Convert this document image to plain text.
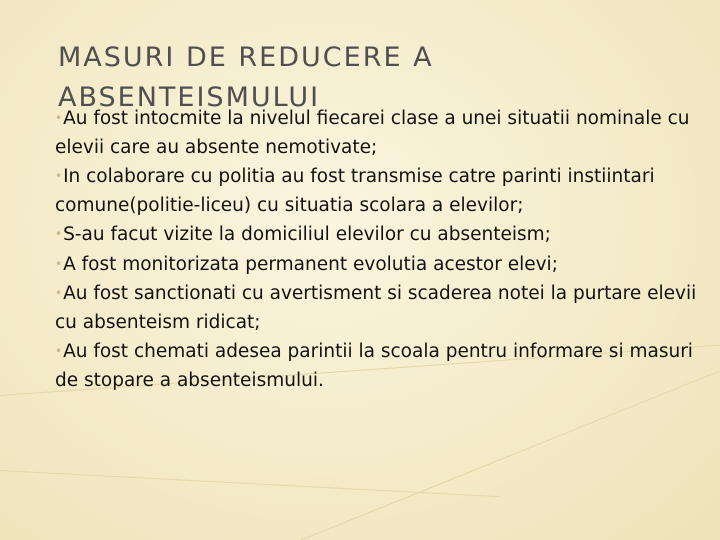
MASURI DE REDUCERE A ABSENTEISMULUI
•Au fost intocmite la nivelul fiecarei clase a unei situatii nominale cu elevii care au absente nemotivate;
•In colaborare cu politia au fost transmise catre parinti instiintari comune(politie-liceu) cu situatia scolara a elevilor;
•S-au facut vizite la domiciliul elevilor cu absenteism;
•A fost monitorizata permanent evolutia acestor elevi;
•Au fost sanctionati cu avertisment si scaderea notei la purtare elevii cu absenteism ridicat;
•Au fost chemati adesea parintii la scoala pentru informare si masuri de stopare a absenteismului.
